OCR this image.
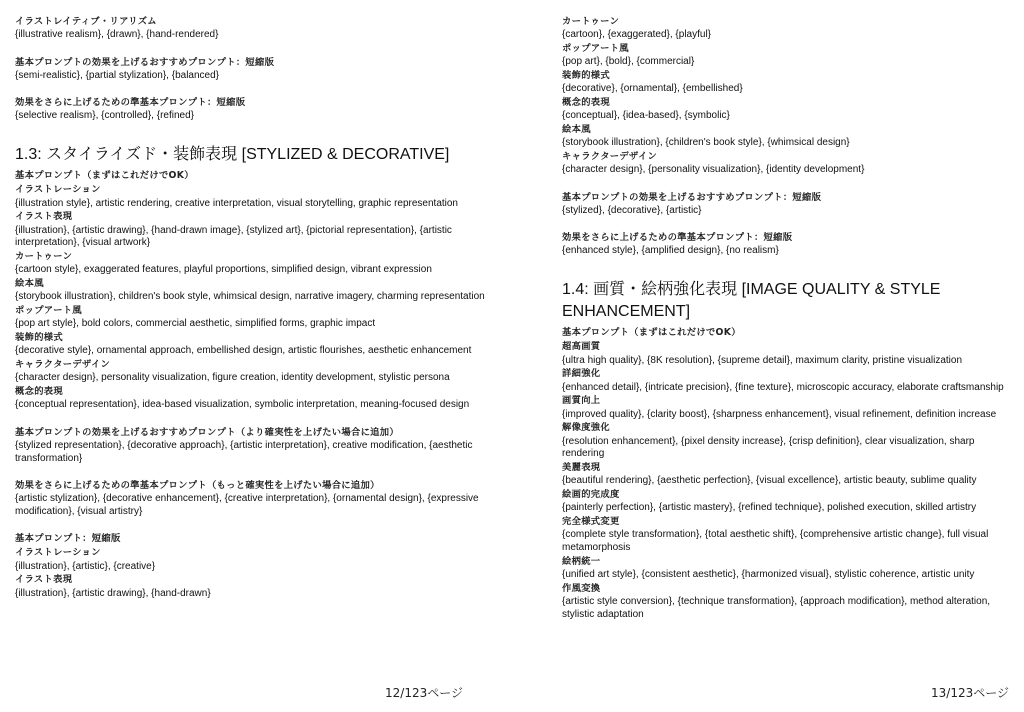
イラストレイティブ・リアリズム
{illustrative realism}, {drawn}, {hand-rendered}
基本プロンプトの効果を上げるおすすめプロンプト：短縮版
{semi-realistic}, {partial stylization}, {balanced}
効果をさらに上げるための準基本プロンプト：短縮版
{selective realism}, {controlled}, {refined}
1.3: スタイライズド・装飾表現 [STYLIZED & DECORATIVE]
基本プロンプト（まずはこれだけでOK）
イラストレーション
{illustration style}, artistic rendering, creative interpretation, visual storytelling, graphic representation
イラスト表現
{illustration}, {artistic drawing}, {hand-drawn image}, {stylized art}, {pictorial representation}, {artistic interpretation}, {visual artwork}
カートゥーン
{cartoon style}, exaggerated features, playful proportions, simplified design, vibrant expression
絵本風
{storybook illustration}, children's book style, whimsical design, narrative imagery, charming representation
ポップアート風
{pop art style}, bold colors, commercial aesthetic, simplified forms, graphic impact
装飾的様式
{decorative style}, ornamental approach, embellished design, artistic flourishes, aesthetic enhancement
キャラクターデザイン
{character design}, personality visualization, figure creation, identity development, stylistic persona
概念的表現
{conceptual representation}, idea-based visualization, symbolic interpretation, meaning-focused design
基本プロンプトの効果を上げるおすすめプロンプト（より確実性を上げたい場合に追加）
{stylized representation}, {decorative approach}, {artistic interpretation}, creative modification, {aesthetic transformation}
効果をさらに上げるための準基本プロンプト（もっと確実性を上げたい場合に追加）
{artistic stylization}, {decorative enhancement}, {creative interpretation}, {ornamental design}, {expressive modification}, {visual artistry}
基本プロンプト：短縮版
イラストレーション
{illustration}, {artistic}, {creative}
イラスト表現
{illustration}, {artistic drawing}, {hand-drawn}
12/123ページ
カートゥーン
{cartoon}, {exaggerated}, {playful}
ポップアート風
{pop art}, {bold}, {commercial}
装飾的様式
{decorative}, {ornamental}, {embellished}
概念的表現
{conceptual}, {idea-based}, {symbolic}
絵本風
{storybook illustration}, {children's book style}, {whimsical design}
キャラクターデザイン
{character design}, {personality visualization}, {identity development}
基本プロンプトの効果を上げるおすすめプロンプト：短縮版
{stylized}, {decorative}, {artistic}
効果をさらに上げるための準基本プロンプト：短縮版
{enhanced style}, {amplified design}, {no realism}
1.4: 画質・絵柄強化表現 [IMAGE QUALITY & STYLE
ENHANCEMENT]
基本プロンプト（まずはこれだけでOK）
超高画質
{ultra high quality}, {8K resolution}, {supreme detail}, maximum clarity, pristine visualization
詳細強化
{enhanced detail}, {intricate precision}, {fine texture}, microscopic accuracy, elaborate craftsmanship
画質向上
{improved quality}, {clarity boost}, {sharpness enhancement}, visual refinement, definition increase
解像度強化
{resolution enhancement}, {pixel density increase}, {crisp definition}, clear visualization, sharp rendering
美麗表現
{beautiful rendering}, {aesthetic perfection}, {visual excellence}, artistic beauty, sublime quality
絵画的完成度
{painterly perfection}, {artistic mastery}, {refined technique}, polished execution, skilled artistry
完全様式変更
{complete style transformation}, {total aesthetic shift}, {comprehensive artistic change}, full visual metamorphosis
絵柄統一
{unified art style}, {consistent aesthetic}, {harmonized visual}, stylistic coherence, artistic unity
作風変換
{artistic style conversion}, {technique transformation}, {approach modification}, method alteration, stylistic adaptation
13/123ページ
